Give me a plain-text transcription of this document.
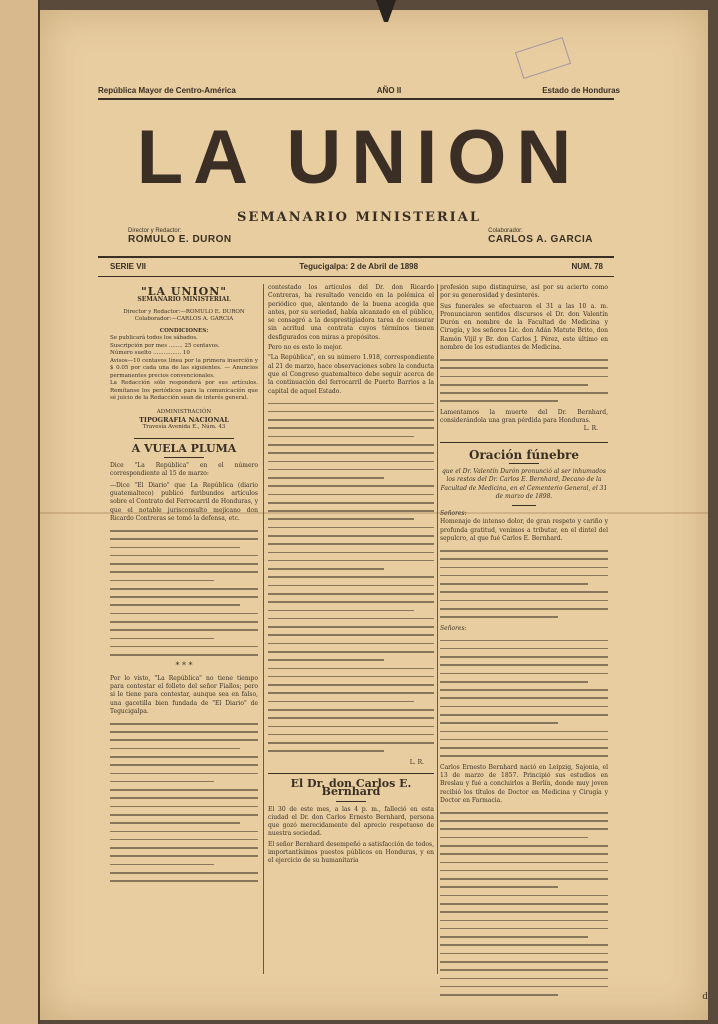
República Mayor de Centro-América	AÑO II	Estado de Honduras
LA UNION
SEMANARIO MINISTERIAL
Director y Redactor:
ROMULO E. DURON
Colaborador:
CARLOS A. GARCIA
SERIE VII	Tegucigalpa: 2 de Abril de 1898	NUM. 78
"LA UNION"
SEMANARIO MINISTERIAL
Director y Redactor:—ROMULO E. DURON
Colaborador:—CARLOS A. GARCIA
CONDICIONES:
Se publicará todos los sábados.
Suscripción por mes ........ 25 centavos.
Número suelto ................ 10
Avisos—10 centavos línea por la primera inserción y $ 0.05 por cada una de las siguientes. — Anuncios permanentes precios convencionales.
La Redacción sólo responderá por sus artículos. Remítanse los periódicos para la comunicación que sé juicio de la Redacción sean de interés general.
ADMINISTRACIÓN
TIPOGRAFIA NACIONAL
Travesía Avenida E., Núm. 43
A VUELA PLUMA
Dice "La República" en el número correspondiente al 15 de marzo:
—Dice "El Diario" que La República (diario guatemalteco) publicó furibundos artículos sobre el Contrato del Ferrocarril de Honduras, y que el notable jurisconsulto mejicano don Ricardo Contreras se tomó la defensa, etc.
* * *
Por lo visto, "La República" no tiene tiempo para contestar el folleto del señor Fiallos; pero si le tiene para contestar, aunque sea en falso, una gacetilla bien fundada de "El Diario" de Tegucigalpa.
contestado los artículos del Dr. don Ricardo Contreras, ha resultado vencido en la polémica el periódico que, alentando de la buena acogida que antes, por su seriedad, había alcanzado en el público, se consagró a la desprestigiadora tarea de censurar sin acritud una contrata cuyos términos tienen desfigurados con miras a propósitos.
Pero no es esto lo mejor.
"La República", en su número 1.918, correspondiente al 21 de marzo, hace observaciones sobre la conducta que el Congreso guatemalteco debe seguir acerca de la continuación del ferrocarril de Puerto Barrios a la capital de aquel Estado.
L. R.
El Dr. don Carlos E. Bernhard
El 30 de este mes, a las 4 p. m., falleció en esta ciudad el Dr. don Carlos Ernesto Bernhard, persona que gozó merecidamente del aprecio respetuoso de nuestra sociedad.
El señor Bernhard desempeñó a satisfacción de todos, importantísimos puestos públicos en Honduras, y en el ejercicio de su humanitaria
profesión supo distinguirse, así por su acierto como por su generosidad y desinterés.
Sus funerales se efectuaron el 31 a las 10 a. m. Pronunciaron sentidos discursos el Dr. don Valentín Durón en nombre de la Facultad de Medicina y Cirugía, y los señores Lic. don Adán Matute Brito, don Ramón Vijil y Br. don Carlos J. Pérez, este último en nombre de los estudiantes de Medicina.
Lamentamos la muerte del Dr. Bernhard, considerándola una gran pérdida para Honduras.
L. R.
Oración fúnebre
que el Dr. Valentín Durón pronunció al ser inhumados los restos del Dr. Carlos E. Bernhard, Decano de la Facultad de Medicina, en el Cementerio General, el 31 de marzo de 1898.
Señores:
Homenaje de intenso dolor, de gran respeto y cariño y profunda gratitud, venimos a tributar, en el dintel del sepulcro, al que fué Carlos E. Bernhard.
Señores:
Carlos Ernesto Bernhard nació en Leipzig, Sajonia, el 13 de marzo de 1857. Principió sus estudios en Breslau y fué a concluirlos a Berlín, donde muy joven recibió los títulos de Doctor en Medicina y Cirugía y Doctor en Farmacia.
d
